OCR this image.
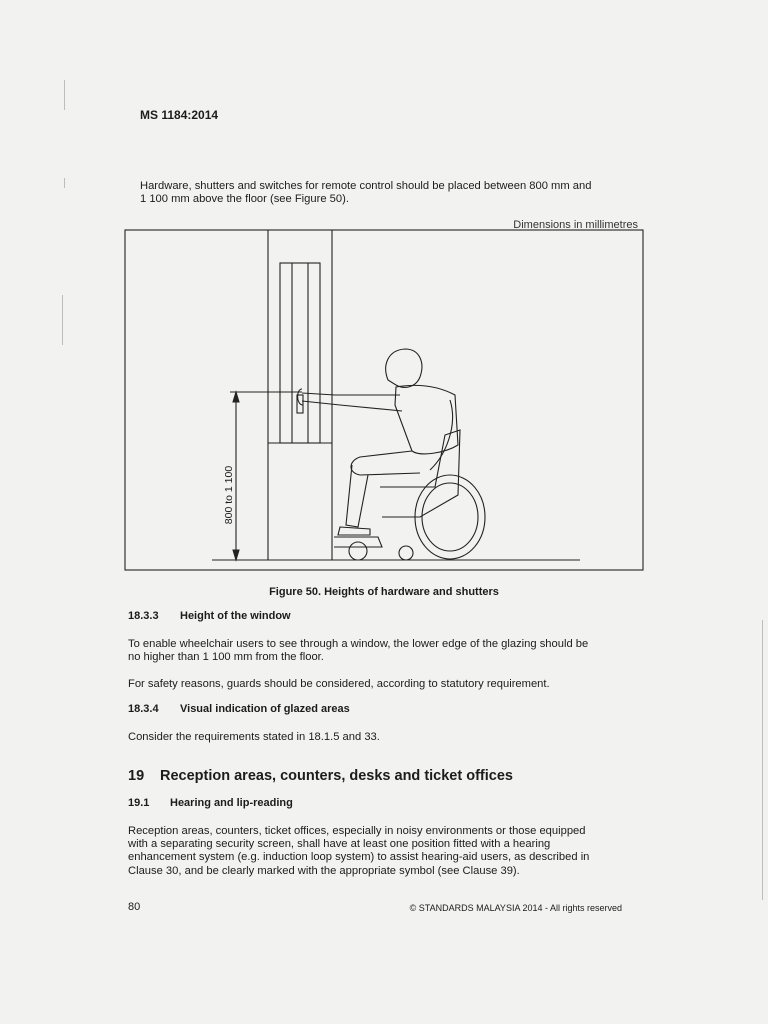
MS 1184:2014
Hardware, shutters and switches for remote control should be placed between 800 mm and
1 100 mm above the floor (see Figure 50).
Dimensions in millimetres
800 to 1 100
Figure 50. Heights of hardware and shutters
18.3.3 Height of the window
To enable wheelchair users to see through a window, the lower edge of the glazing should be
no higher than 1 100 mm from the floor.
For safety reasons, guards should be considered, according to statutory requirement.
18.3.4 Visual indication of glazed areas
Consider the requirements stated in 18.1.5 and 33.
19 Reception areas, counters, desks and ticket offices
19.1 Hearing and lip-reading
Reception areas, counters, ticket offices, especially in noisy environments or those equipped
with a separating security screen, shall have at least one position fitted with a hearing
enhancement system (e.g. induction loop system) to assist hearing-aid users, as described in
Clause 30, and be clearly marked with the appropriate symbol (see Clause 39).
80	© STANDARDS MALAYSIA 2014 - All rights reserved
